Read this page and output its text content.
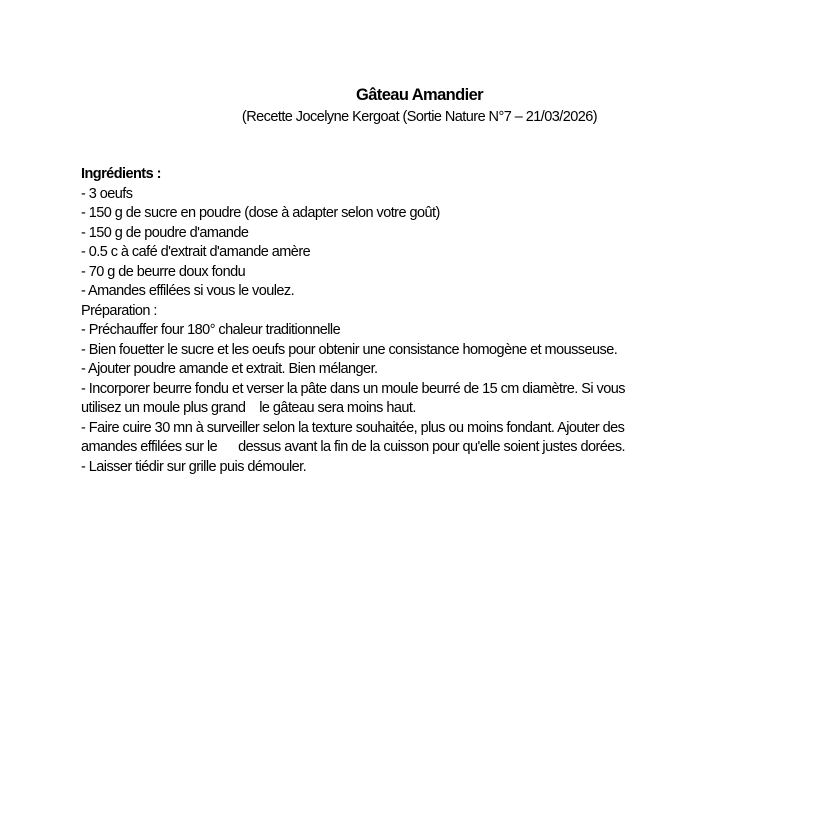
Gâteau Amandier
(Recette Jocelyne Kergoat (Sortie Nature N°7 – 21/03/2026)
Ingrédients :
- 3 oeufs
- 150 g de sucre en poudre (dose à adapter selon votre goût)
- 150 g de poudre d'amande
- 0.5 c à café d'extrait d'amande amère
- 70 g de beurre doux fondu
- Amandes effilées si vous le voulez.
Préparation :
- Préchauffer four 180° chaleur traditionnelle
- Bien fouetter le sucre et les oeufs pour obtenir une consistance homogène et mousseuse.
- Ajouter poudre amande et extrait. Bien mélanger.
- Incorporer beurre fondu et verser la pâte dans un moule beurré de 15 cm diamètre. Si vous
utilisez un moule plus grand    le gâteau sera moins haut.
- Faire cuire 30 mn à surveiller selon la texture souhaitée, plus ou moins fondant. Ajouter des
amandes effilées sur le      dessus avant la fin de la cuisson pour qu'elle soient justes dorées.
- Laisser tiédir sur grille puis démouler.
